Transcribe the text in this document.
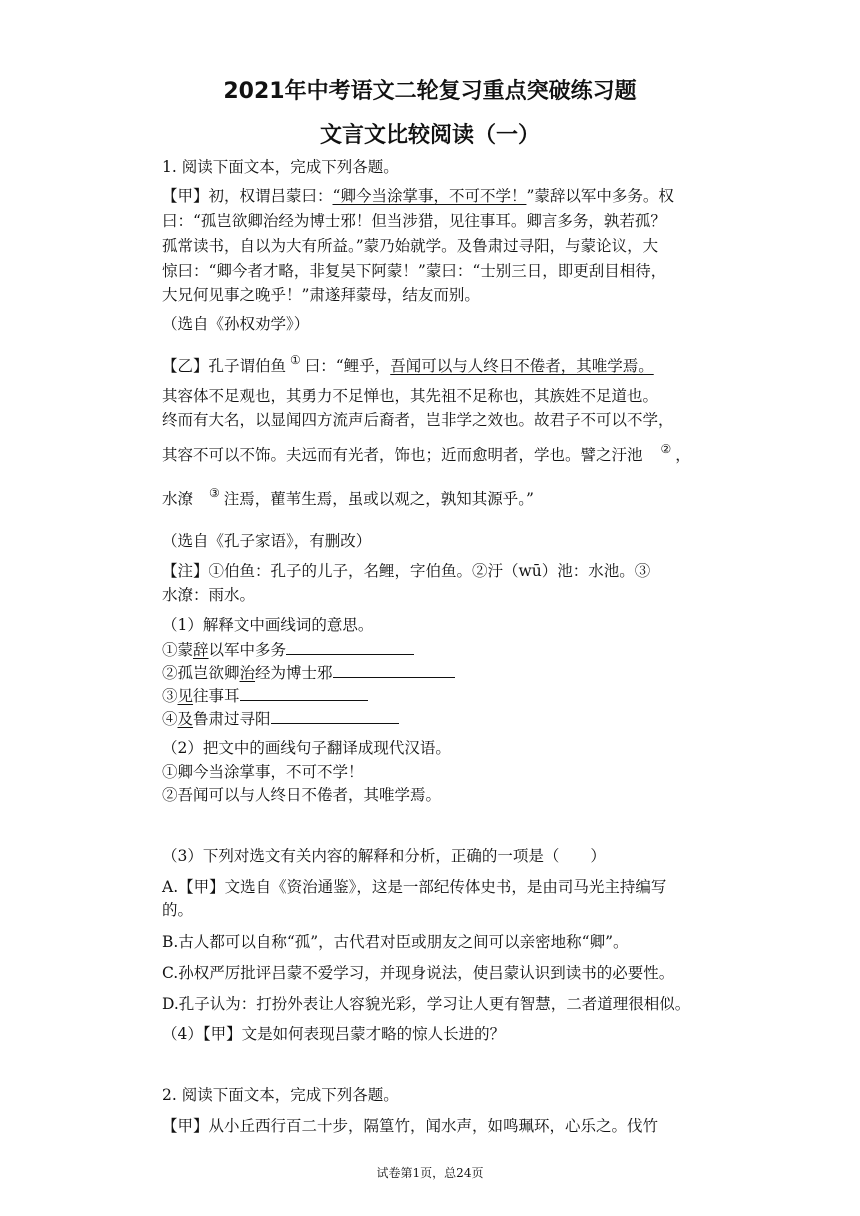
2021年中考语文二轮复习重点突破练习题
文言文比较阅读（一）
1. 阅读下面文本，完成下列各题。
【甲】初，权谓吕蒙曰：“卿今当涂掌事，不可不学！”蒙辞以军中多务。权
曰：“孤岂欲卿治经为博士邪！但当涉猎，见往事耳。卿言多务，孰若孤？
孤常读书，自以为大有所益。”蒙乃始就学。及鲁肃过寻阳，与蒙论议，大
惊曰：“卿今者才略，非复吴下阿蒙！”蒙曰：“士别三日，即更刮目相待，
大兄何见事之晚乎！”肃遂拜蒙母，结友而别。
（选自《孙权劝学》）
【乙】孔子谓伯鱼 ① 曰：“鲤乎，吾闻可以与人终日不倦者，其唯学焉。
其容体不足观也，其勇力不足惮也，其先祖不足称也，其族姓不足道也。
终而有大名，以显闻四方流声后裔者，岂非学之效也。故君子不可以不学，
其容不可以不饰。夫远而有光者，饰也；近而愈明者，学也。譬之汙池 ② ，
水潦 ③ 注焉，雚苇生焉，虽或以观之，孰知其源乎。”
（选自《孔子家语》，有删改）
【注】①伯鱼：孔子的儿子，名鲤，字伯鱼。②汙（wū）池：水池。③
水潦：雨水。
（1）解释文中画线词的意思。
①蒙辞以军中多务
②孤岂欲卿治经为博士邪
③见往事耳
④及鲁肃过寻阳
（2）把文中的画线句子翻译成现代汉语。
①卿今当涂掌事，不可不学！
②吾闻可以与人终日不倦者，其唯学焉。
（3）下列对选文有关内容的解释和分析，正确的一项是（　　）
A.【甲】文选自《资治通鉴》，这是一部纪传体史书，是由司马光主持编写
的。
B.古人都可以自称“孤”，古代君对臣或朋友之间可以亲密地称“卿”。
C.孙权严厉批评吕蒙不爱学习，并现身说法，使吕蒙认识到读书的必要性。
D.孔子认为：打扮外表让人容貌光彩，学习让人更有智慧，二者道理很相似。
（4）【甲】文是如何表现吕蒙才略的惊人长进的？
2. 阅读下面文本，完成下列各题。
【甲】从小丘西行百二十步，隔篁竹，闻水声，如鸣珮环，心乐之。伐竹
试卷第1页，总24页
